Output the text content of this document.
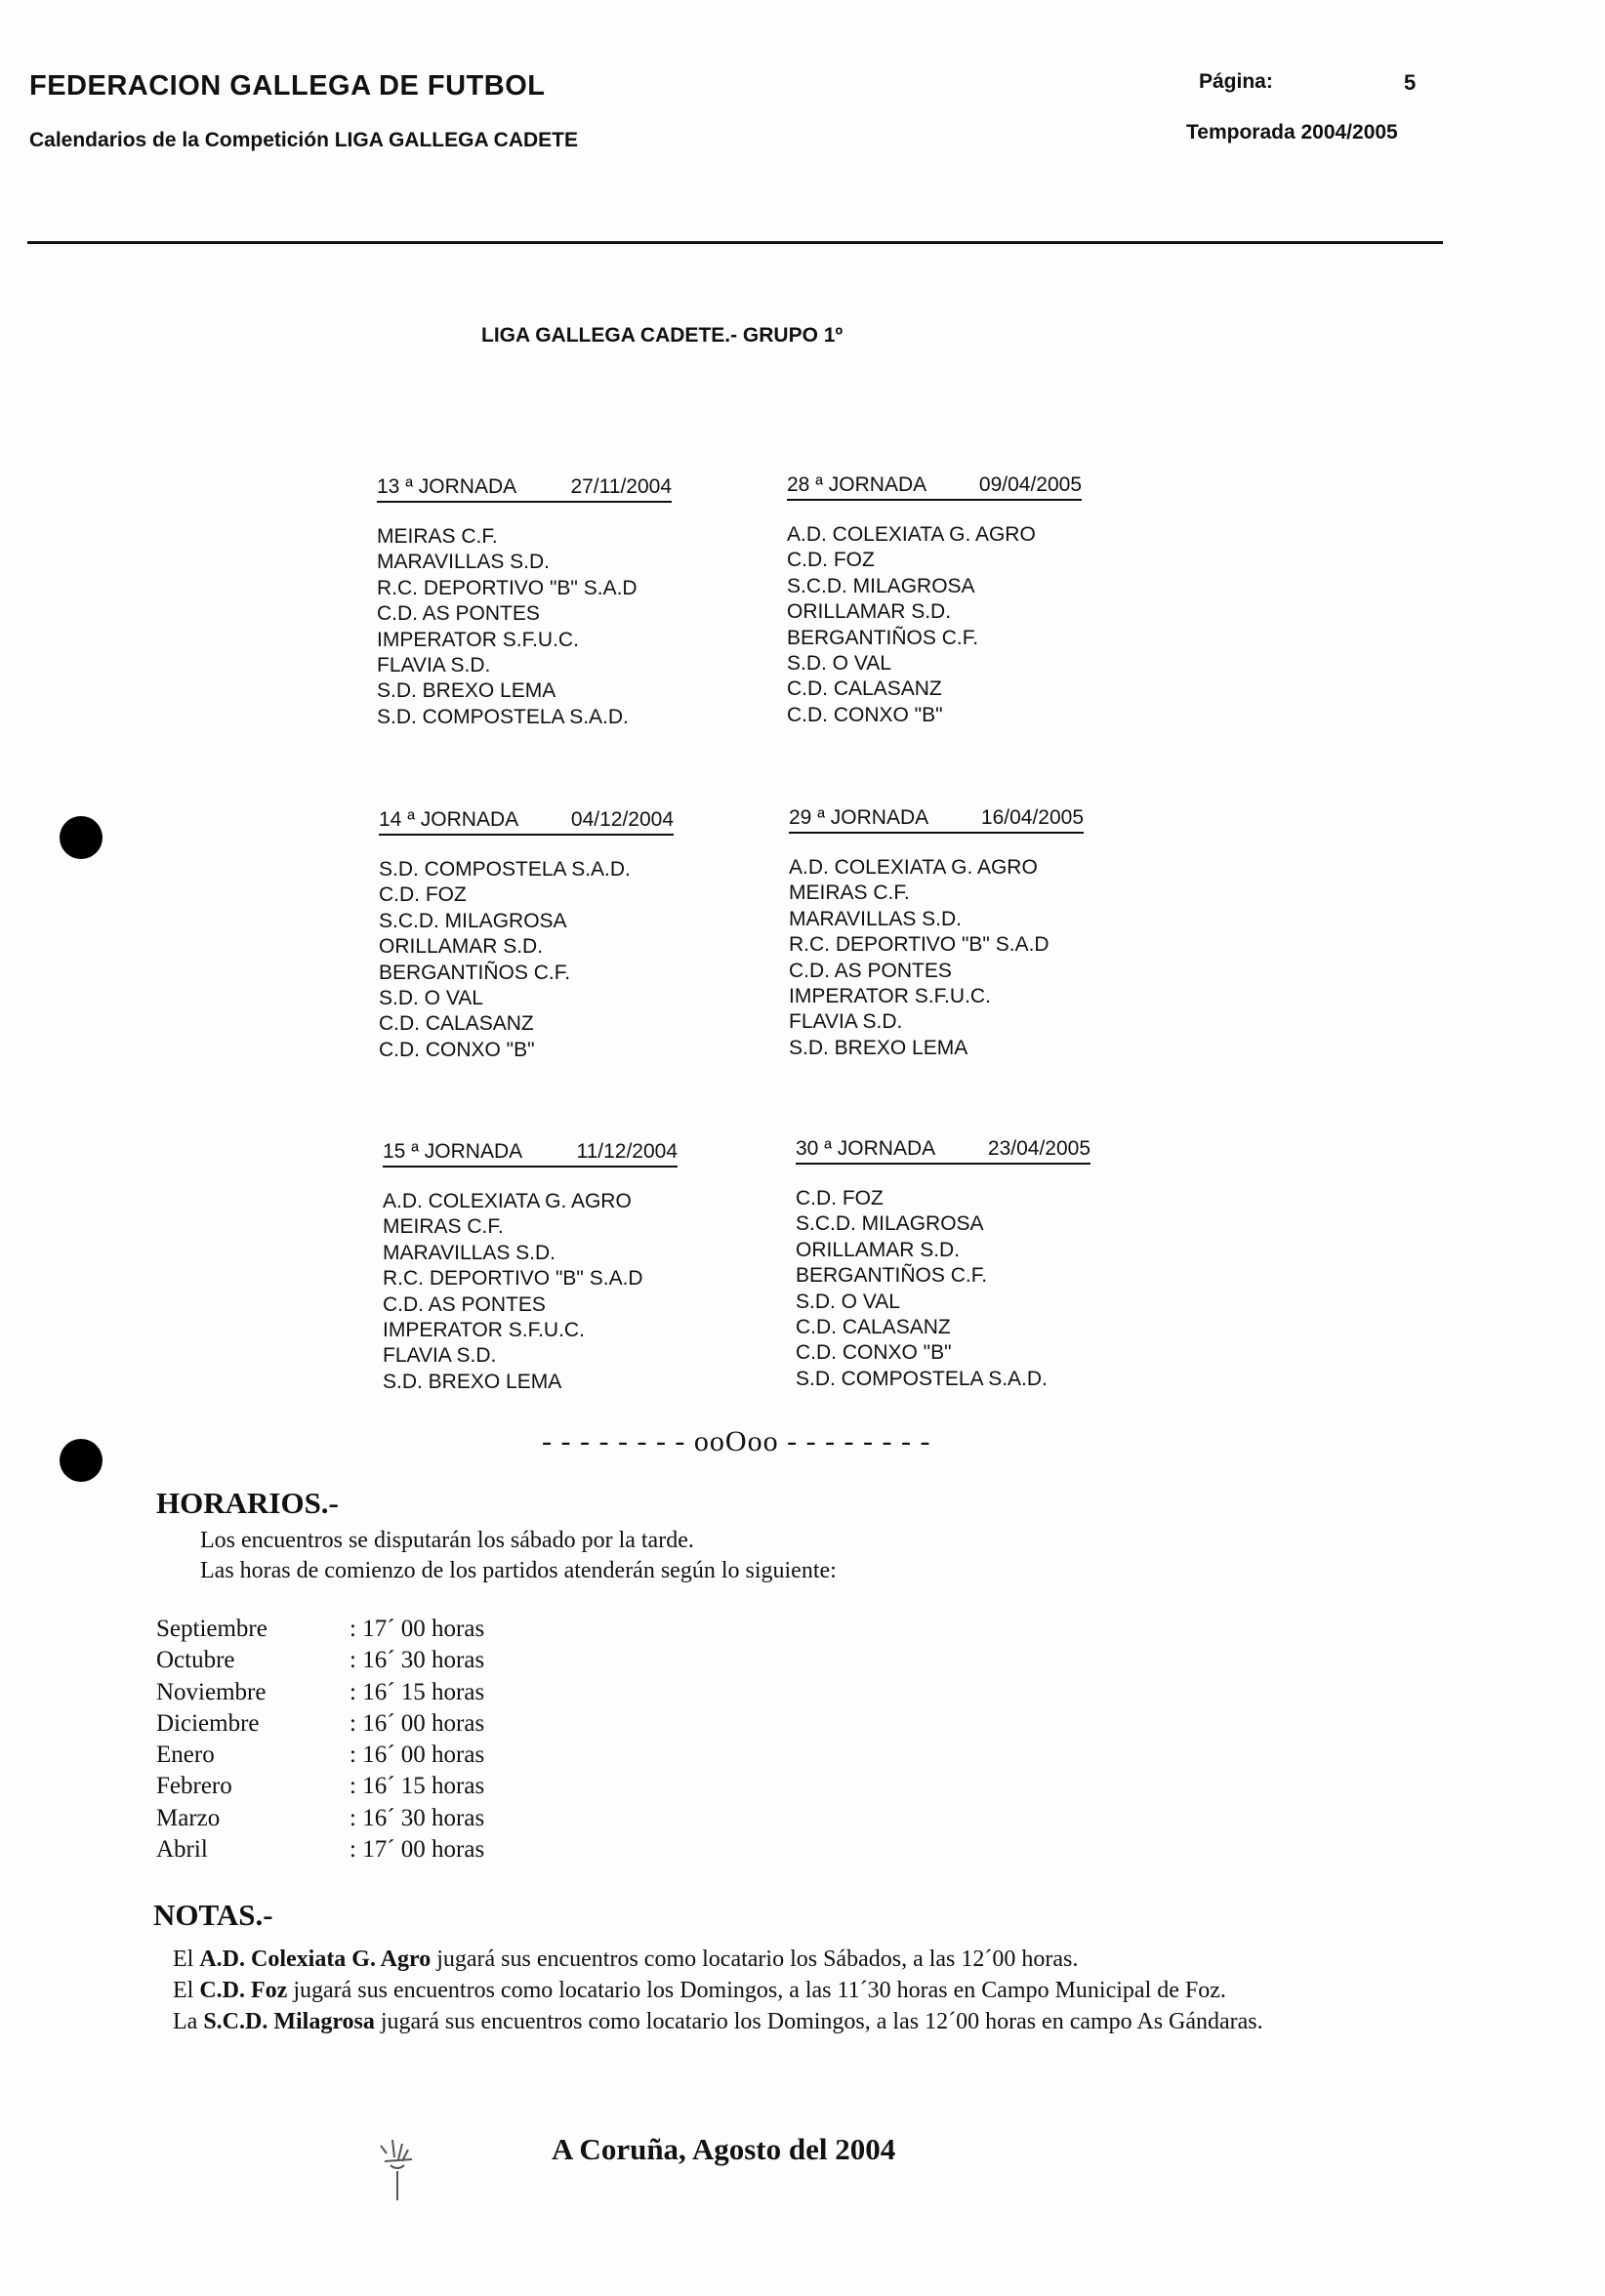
FEDERACION GALLEGA DE FUTBOL
Calendarios de la Competición LIGA GALLEGA CADETE
Página:	5
Temporada 2004/2005
LIGA GALLEGA CADETE.- GRUPO 1º
13 ª JORNADA	27/11/2004
MEIRAS C.F.
MARAVILLAS S.D.
R.C. DEPORTIVO "B" S.A.D
C.D. AS PONTES
IMPERATOR S.F.U.C.
FLAVIA S.D.
S.D. BREXO LEMA
S.D. COMPOSTELA S.A.D.
28 ª JORNADA	09/04/2005
A.D. COLEXIATA G. AGRO
C.D. FOZ
S.C.D. MILAGROSA
ORILLAMAR S.D.
BERGANTIÑOS C.F.
S.D. O VAL
C.D. CALASANZ
C.D. CONXO "B"
14 ª JORNADA	04/12/2004
S.D. COMPOSTELA S.A.D.
C.D. FOZ
S.C.D. MILAGROSA
ORILLAMAR S.D.
BERGANTIÑOS C.F.
S.D. O VAL
C.D. CALASANZ
C.D. CONXO "B"
29 ª JORNADA	16/04/2005
A.D. COLEXIATA G. AGRO
MEIRAS C.F.
MARAVILLAS S.D.
R.C. DEPORTIVO "B" S.A.D
C.D. AS PONTES
IMPERATOR S.F.U.C.
FLAVIA S.D.
S.D. BREXO LEMA
15 ª JORNADA	11/12/2004
A.D. COLEXIATA G. AGRO
MEIRAS C.F.
MARAVILLAS S.D.
R.C. DEPORTIVO "B" S.A.D
C.D. AS PONTES
IMPERATOR S.F.U.C.
FLAVIA S.D.
S.D. BREXO LEMA
30 ª JORNADA	23/04/2005
C.D. FOZ
S.C.D. MILAGROSA
ORILLAMAR S.D.
BERGANTIÑOS C.F.
S.D. O VAL
C.D. CALASANZ
C.D. CONXO "B"
S.D. COMPOSTELA S.A.D.
- - - - - - - - ooOoo - - - - - - - -
HORARIOS.-
Los encuentros se disputarán los sábado por la tarde.
Las horas de comienzo de los partidos atenderán según lo siguiente:
Septiembre	: 17´ 00 horas
Octubre	: 16´ 30 horas
Noviembre	: 16´ 15 horas
Diciembre	: 16´ 00 horas
Enero	: 16´ 00 horas
Febrero	: 16´ 15 horas
Marzo	: 16´ 30 horas
Abril	: 17´ 00 horas
NOTAS.-

El A.D. Colexiata G. Agro jugará sus encuentros como locatario los Sábados, a las 12´00 horas.

El C.D. Foz jugará sus encuentros como locatario los Domingos, a las 11´30 horas en Campo Municipal de Foz.

La S.C.D. Milagrosa jugará sus encuentros como locatario los Domingos, a las 12´00 horas en campo As Gándaras.

A Coruña, Agosto del 2004
